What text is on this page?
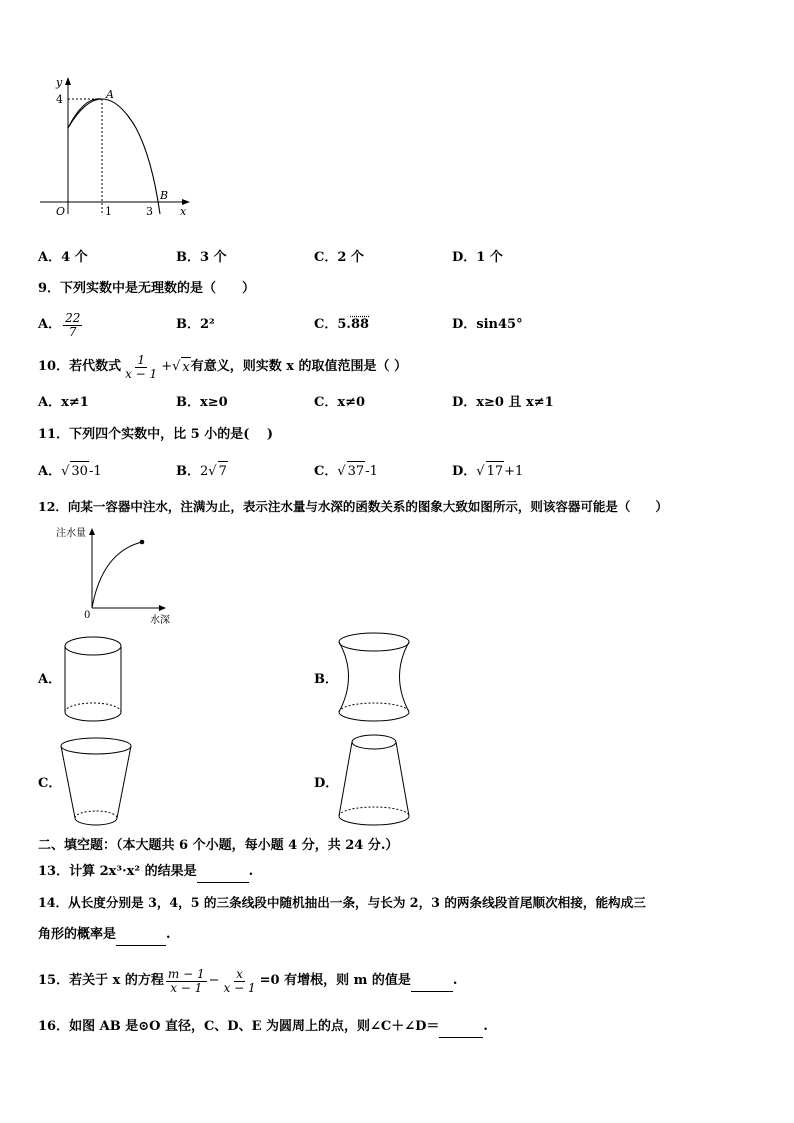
y
4	A
B
O	1	3 x
A．4 个	B．3 个	C．2 个	D．1 个
9．下列实数中是无理数的是（　　）
A． $\frac{22}{7}$	B．2²	C．5.88	D．sin45°
10．若代数式 $\frac{1}{x - 1}$ + √ x 有意义，则实数 x 的取值范围是（ ）
A．x≠1	B．x≥0	C．x≠0	D．x≥0 且 x≠1
11．下列四个实数中，比 5 小的是(　 )
A．√ 30-1	B．2√ 7	C．√ 37-1	D．√ 17+1
12．向某一容器中注水，注满为止，表示注水量与水深的函数关系的图象大致如图所示，则该容器可能是（　　）
注水量
0	水深
A．	B．
C．	D．
二、填空题：（本大题共 6 个小题，每小题 4 分，共 24 分.）
13．计算 2x³·x² 的结果是	.
14．从长度分别是 3，4，5 的三条线段中随机抽出一条，与长为 2，3 的两条线段首尾顺次相接，能构成三
角形的概率是	.
15．若关于 x 的方程 $\frac{m - 1}{x - 1} - \frac{x}{x - 1} =0$ 有增根，则 m 的值是
	.
16．如图 AB 是⊙O 直径，C、D、E 为圆周上的点，则∠C＋∠D＝	.
